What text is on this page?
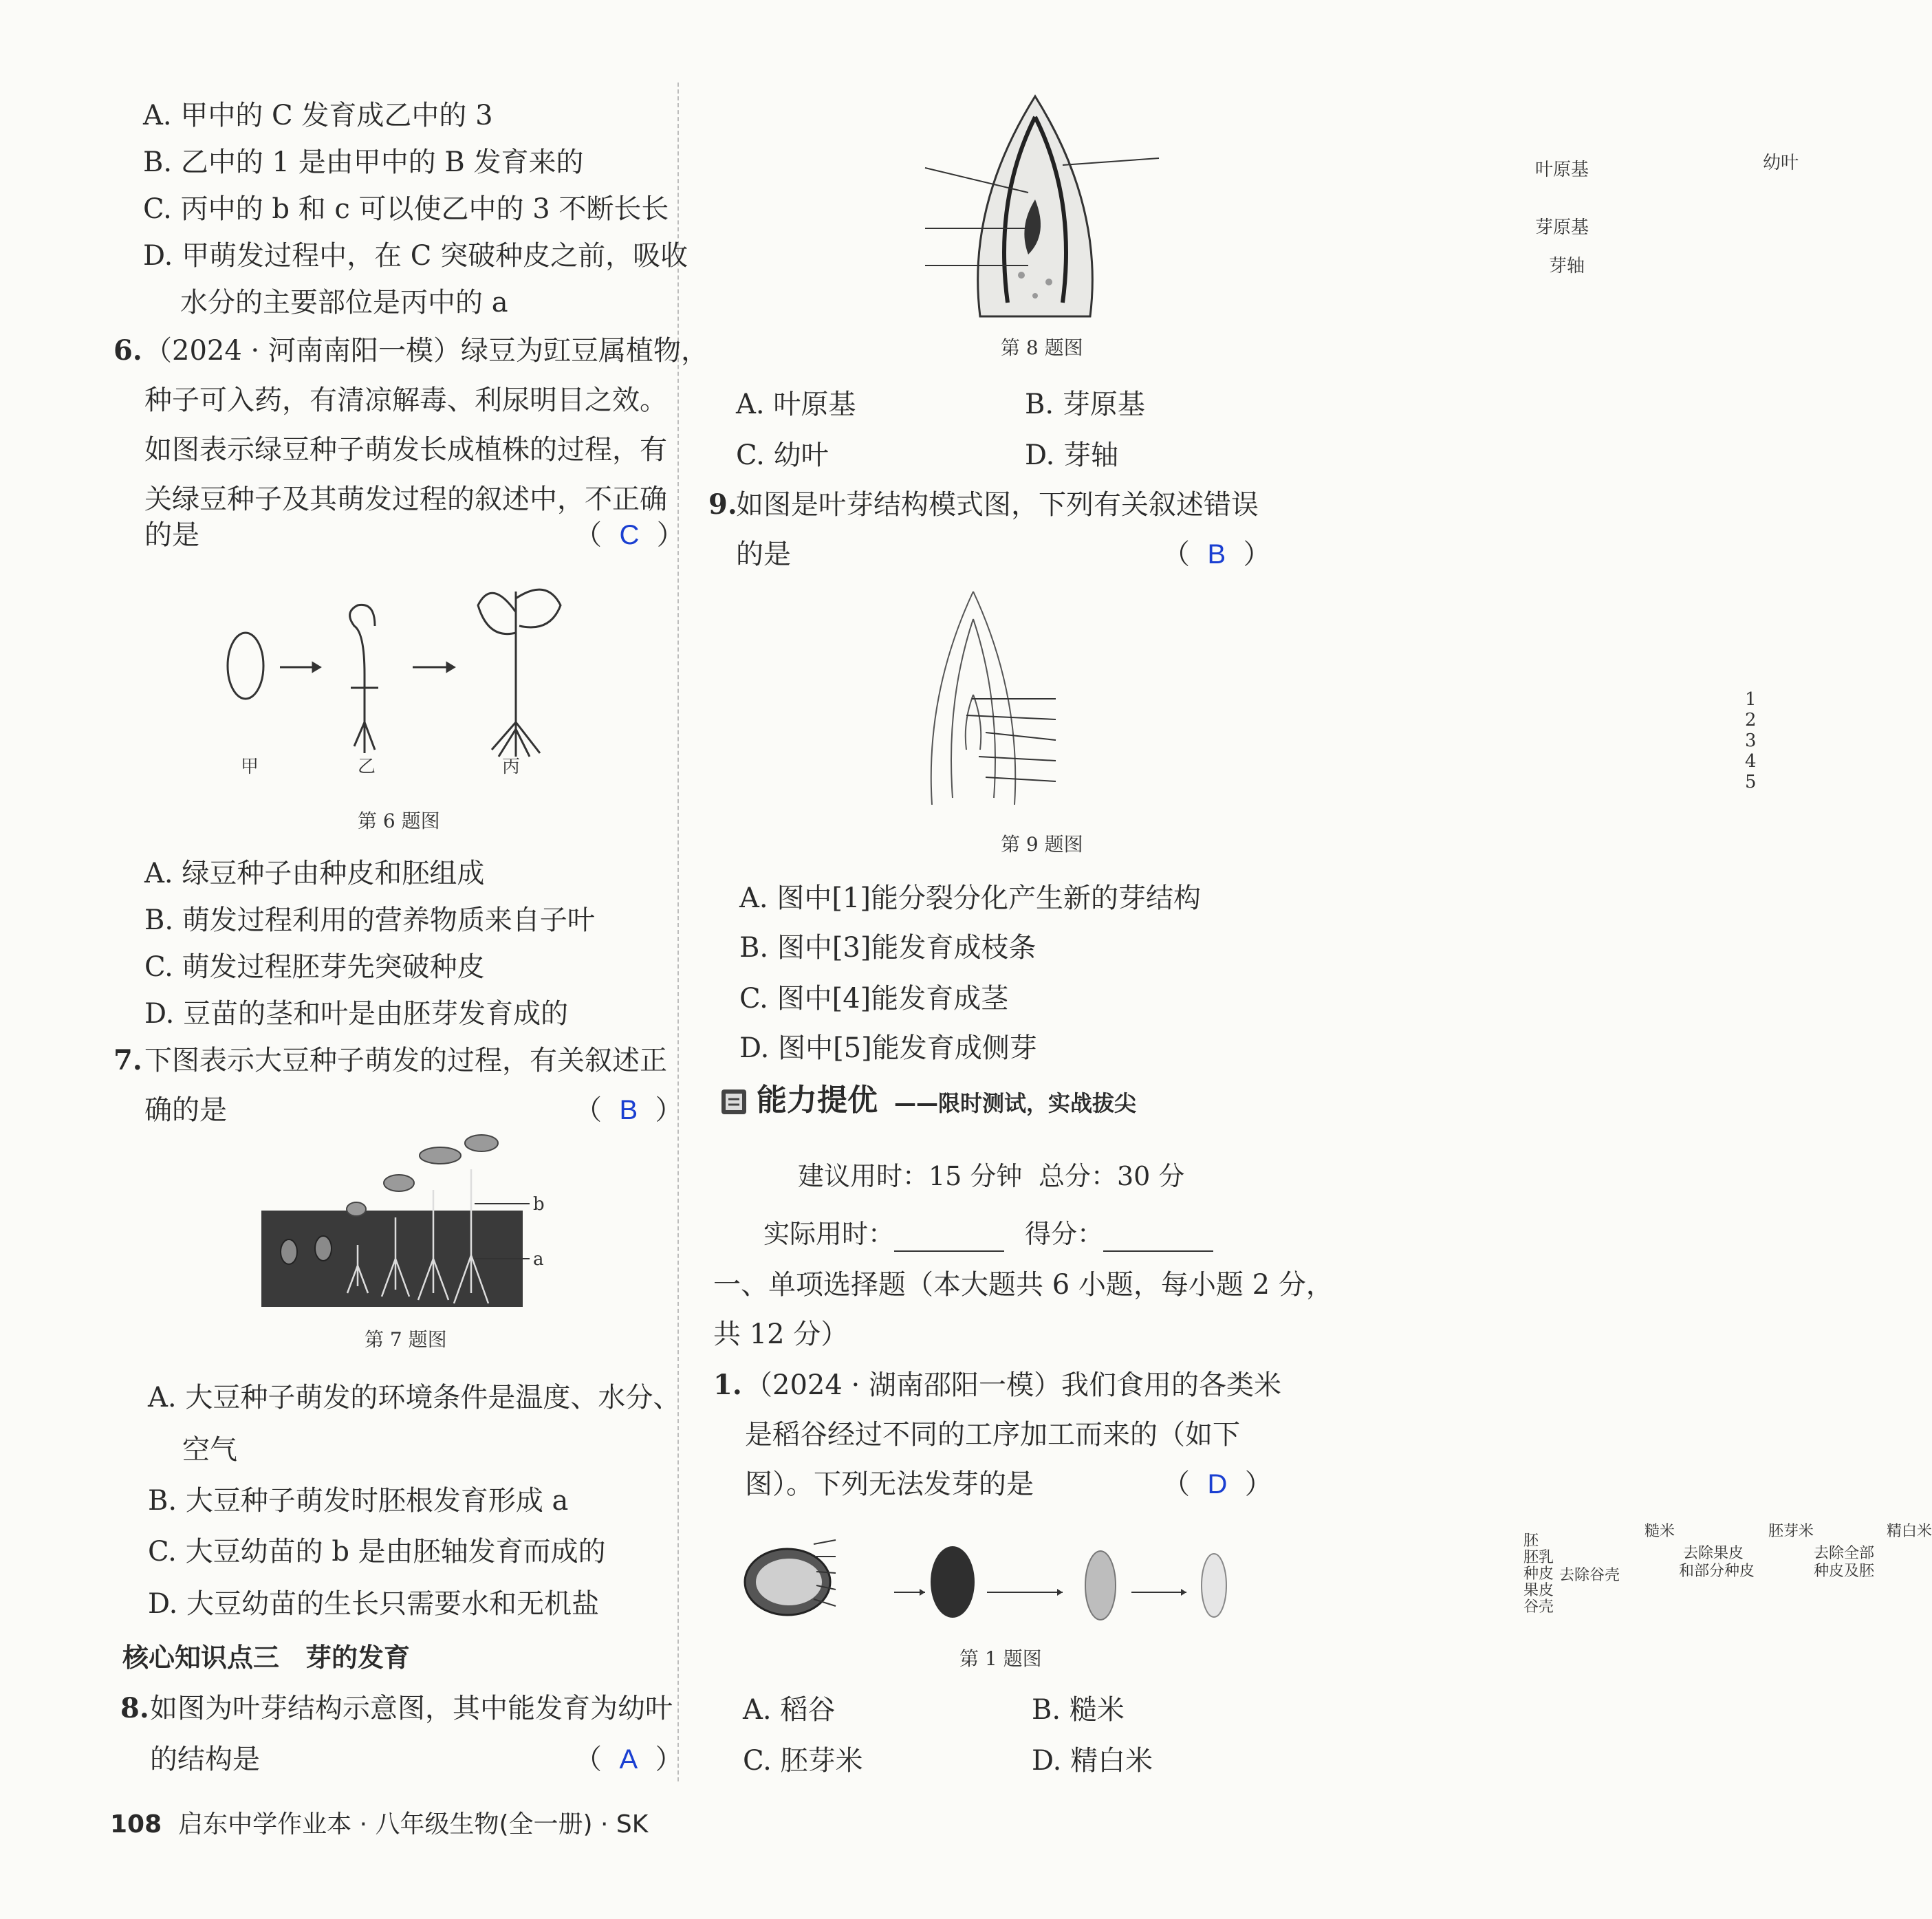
A. 甲中的 C 发育成乙中的 3
B. 乙中的 1 是由甲中的 B 发育来的
C. 丙中的 b 和 c 可以使乙中的 3 不断长长
D. 甲萌发过程中，在 C 突破种皮之前，吸收
水分的主要部位是丙中的 a
6. （2024 · 河南南阳一模）绿豆为豇豆属植物，
种子可入药，有清凉解毒、利尿明目之效。
如图表示绿豆种子萌发长成植株的过程，有
关绿豆种子及其萌发过程的叙述中，不正确
的是	（  C  ）
甲	乙	丙
第 6 题图
A. 绿豆种子由种皮和胚组成
B. 萌发过程利用的营养物质来自子叶
C. 萌发过程胚芽先突破种皮
D. 豆苗的茎和叶是由胚芽发育成的
7. 下图表示大豆种子萌发的过程，有关叙述正
确的是	（  B  ）
b
a
第 7 题图
A. 大豆种子萌发的环境条件是温度、水分、
空气
B. 大豆种子萌发时胚根发育形成 a
C. 大豆幼苗的 b 是由胚轴发育而成的
D. 大豆幼苗的生长只需要水和无机盐
核心知识点三　芽的发育
8. 如图为叶芽结构示意图，其中能发育为幼叶
的结构是	（  A  ）
叶原基	幼叶
芽原基
芽轴
第 8 题图
A. 叶原基	B. 芽原基
C. 幼叶	D. 芽轴
9.
如图是叶芽结构模式图，下列有关叙述错误
的是	（  B  ）
1
2
3
4
5
第 9 题图
A. 图中[1]能分裂分化产生新的芽结构
B. 图中[3]能发育成枝条
C. 图中[4]能发育成茎
D. 图中[5]能发育成侧芽
能力提优 ——限时测试，实战拔尖
建议用时：15 分钟 总分：30 分
实际用时：	得分：
一、单项选择题（本大题共 6 小题，每小题 2 分，
共 12 分）
1. （2024 · 湖南邵阳一模）我们食用的各类米
是稻谷经过不同的工序加工而来的（如下
图）。下列无法发芽的是	（  D  ）
胚
胚乳
种皮
果皮
谷壳
去除谷壳
去除果皮
和部分种皮
去除全部
种皮及胚
糙米	胚芽米	精白米
第 1 题图
A. 稻谷	B. 糙米
C. 胚芽米	D. 精白米
108 启东中学作业本 · 八年级生物(全一册) · SK
